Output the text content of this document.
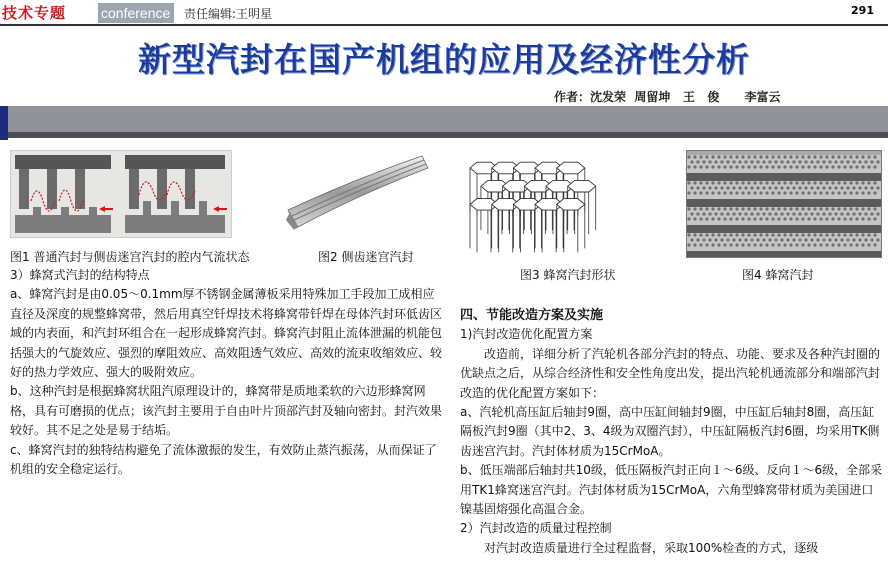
技术专题 conference	责任编辑:王明星	291
新型汽封在国产机组的应用及经济性分析
作者：沈发荣  周留坤   王   俊      李富云
图1 普通汽封与侧齿迷宫汽封的腔内气流状态	图2 侧齿迷宫汽封
图3 蜂窝汽封形状	图4 蜂窝汽封

3）蜂窝式汽封的结构特点

a、蜂窝汽封是由0.05～0.1mm厚不锈钢金属薄板采用特殊加工手段加工成相应直径及深度的规整蜂窝带，然后用真空钎焊技术将蜂窝带钎焊在母体汽封环低齿区域的内表面，和汽封环组合在一起形成蜂窝汽封。蜂窝汽封阻止流体泄漏的机能包括强大的气旋效应、强烈的摩阻效应、高效阻透气效应、高效的流束收缩效应、较好的热力学效应、强大的吸附效应。

b、这种汽封是根据蜂窝状阻汽原理设计的，蜂窝带是质地柔软的六边形蜂窝网格，具有可磨损的优点；该汽封主要用于自由叶片顶部汽封及轴向密封。封汽效果较好。其不足之处是易于结垢。

c、蜂窝汽封的独特结构避免了流体激振的发生，有效防止蒸汽振荡，从而保证了机组的安全稳定运行。

四、节能改造方案及实施

1)汽封改造优化配置方案

改造前，详细分析了汽轮机各部分汽封的特点、功能、要求及各种汽封圈的优缺点之后，从综合经济性和安全性角度出发，提出汽轮机通流部分和端部汽封改造的优化配置方案如下：

a、汽轮机高压缸后轴封9圈，高中压缸间轴封9圈，中压缸后轴封8圈，高压缸隔板汽封9圈（其中2、3、4级为双圈汽封），中压缸隔板汽封6圈，均采用TK侧齿迷宫汽封。汽封体材质为15CrMoA。

b、低压端部后轴封共10级，低压隔板汽封正向１～6级、反向１～6级，全部采用TK1蜂窝迷宫汽封。汽封体材质为15CrMoA，六角型蜂窝带材质为美国进口镍基固熔强化高温合金。

2）汽封改造的质量过程控制

对汽封改造质量进行全过程监督，采取100%检查的方式，逐级
